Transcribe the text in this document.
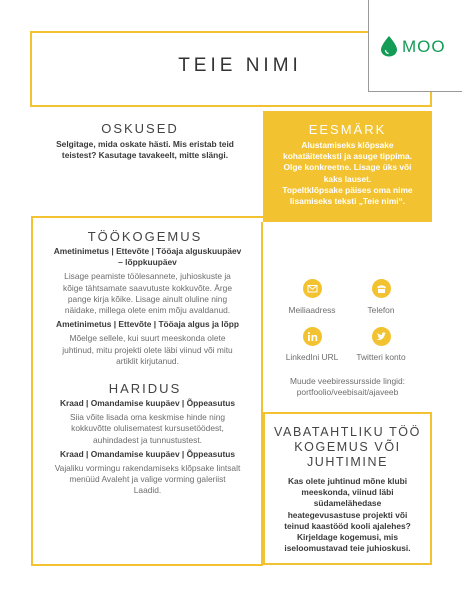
TEIE NIMI
MOO
OSKUSED
Selgitage, mida oskate hästi. Mis eristab teid
teistest? Kasutage tavakeelt, mitte slängi.
EESMÄRK
Alustamiseks klõpsake
kohatäiteteksti ja asuge tippima.
Olge konkreetne. Lisage üks või
kaks lauset.
Topeltklõpsake päises oma nime
lisamiseks teksti „Teie nimi“.
TÖÖKOGEMUS
Ametinimetus | Ettevõte | Tööaja alguskuupäev
– lõppkuupäev
Lisage peamiste töölesannete, juhioskuste ja
kõige tähtsamate saavutuste kokkuvõte. Ärge
pange kirja kõike. Lisage ainult oluline ning
näidake, millega olete enim mõju avaldanud.
Ametinimetus | Ettevõte | Tööaja algus ja lõpp
Mõelge sellele, kui suurt meeskonda olete
juhtinud, mitu projekti olete läbi viinud või mitu
artiklit kirjutanud.
HARIDUS
Kraad | Omandamise kuupäev | Õppeasutus
Siia võite lisada oma keskmise hinde ning
kokkuvõtte olulisematest kursusetöödest,
auhindadest ja tunnustustest.
Kraad | Omandamise kuupäev | Õppeasutus
Vajaliku vormingu rakendamiseks klõpsake lintsalt
menüüd Avaleht ja valige vorming galeriist
Laadid.
Meiliaadress	Telefon
LinkedIni URL	Twitteri konto
Muude veebiressursside lingid:
portfoolio/veebisait/ajaveeb
VABATAHTLIKU TÖÖ
KOGEMUS VÕI
JUHTIMINE
Kas olete juhtinud mõne klubi
meeskonda, viinud läbi
südamelähedase
heategevusastuse projekti või
teinud kaastööd kooli ajalehes?
Kirjeldage kogemusi, mis
iseloomustavad teie juhioskusi.
